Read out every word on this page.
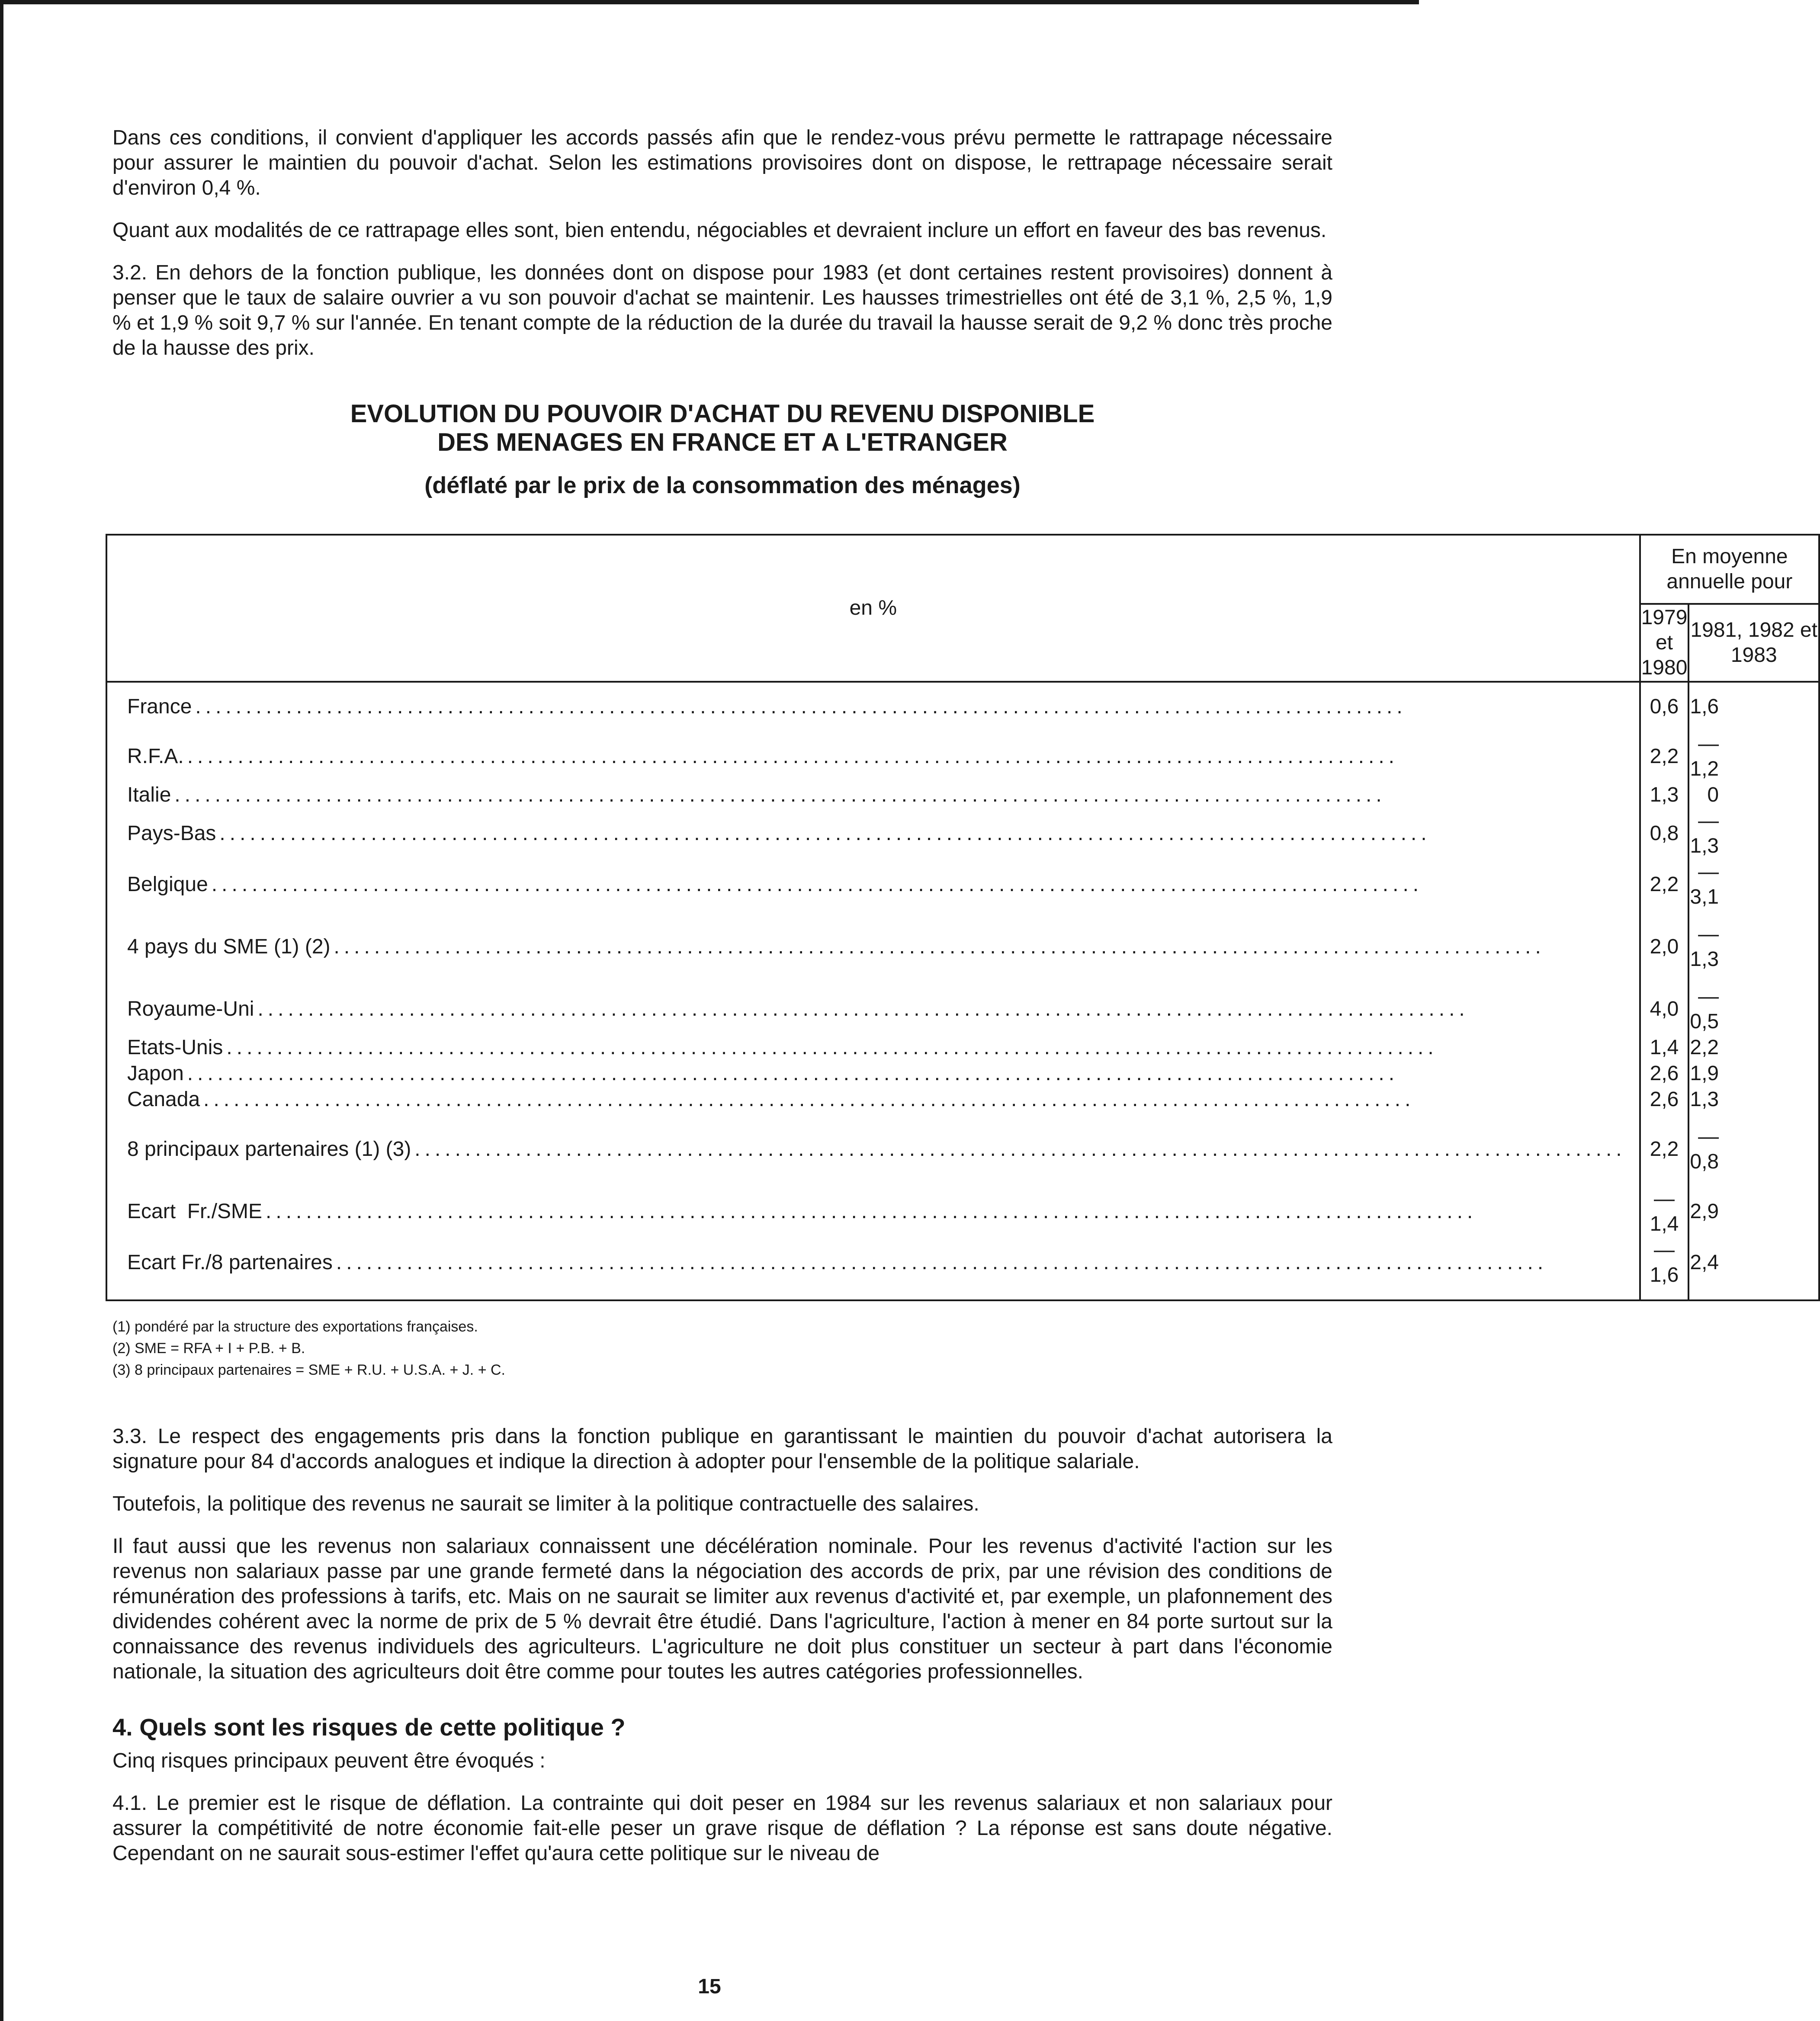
Dans ces conditions, il convient d'appliquer les accords passés afin que le rendez-vous prévu permette le rattrapage nécessaire pour assurer le maintien du pouvoir d'achat. Selon les estimations provisoires dont on dispose, le rettrapage nécessaire serait d'environ 0,4 %.

Quant aux modalités de ce rattrapage elles sont, bien entendu, négociables et devraient inclure un effort en faveur des bas revenus.

3.2. En dehors de la fonction publique, les données dont on dispose pour 1983 (et dont certaines restent provisoires) donnent à penser que le taux de salaire ouvrier a vu son pouvoir d'achat se maintenir. Les hausses trimestrielles ont été de 3,1 %, 2,5 %, 1,9 % et 1,9 % soit 9,7 % sur l'année. En tenant compte de la réduction de la durée du travail la hausse serait de 9,2 % donc très proche de la hausse des prix.

EVOLUTION DU POUVOIR D'ACHAT DU REVENU DISPONIBLE
DES MENAGES EN FRANCE ET A L'ETRANGER
(déflaté par le prix de la consommation des ménages)
en %	En moyenne annuelle pour	
	1979 et 1980	1981, 1982 et 1983

France ........................................................................................................................	0,6	1,6

R.F.A. ........................................................................................................................	2,2	— 1,2

Italie ........................................................................................................................	1,3	0

Pays-Bas ........................................................................................................................	0,8	— 1,3

Belgique ........................................................................................................................	2,2	— 3,1

4 pays du SME (1) (2) ........................................................................................................................	2,0	— 1,3

Royaume-Uni ........................................................................................................................	4,0	— 0,5

Etats-Unis ........................................................................................................................	1,4	2,2

Japon ........................................................................................................................	2,6	1,9

Canada ........................................................................................................................	2,6	1,3

8 principaux partenaires (1) (3) ........................................................................................................................	2,2	— 0,8

Ecart  Fr./SME ........................................................................................................................	— 1,4	2,9

Ecart Fr./8 partenaires ........................................................................................................................	— 1,6	2,4

(1) pondéré par la structure des exportations françaises.
(2) SME = RFA + I + P.B. + B.
(3) 8 principaux partenaires = SME + R.U. + U.S.A. + J. + C.

3.3. Le respect des engagements pris dans la fonction publique en garantissant le maintien du pouvoir d'achat autorisera la signature pour 84 d'accords analogues et indique la direction à adopter pour l'ensemble de la politique salariale.

Toutefois, la politique des revenus ne saurait se limiter à la politique contractuelle des salaires.

Il faut aussi que les revenus non salariaux connaissent une décélération nominale. Pour les revenus d'activité l'action sur les revenus non salariaux passe par une grande fermeté dans la négociation des accords de prix, par une révision des conditions de rémunération des professions à tarifs, etc. Mais on ne saurait se limiter aux revenus d'activité et, par exemple, un plafonnement des dividendes cohérent avec la norme de prix de 5 % devrait être étudié. Dans l'agriculture, l'action à mener en 84 porte surtout sur la connaissance des revenus individuels des agriculteurs. L'agriculture ne doit plus constituer un secteur à part dans l'économie nationale, la situation des agriculteurs doit être comme pour toutes les autres catégories professionnelles.

4. Quels sont les risques de cette politique ?

Cinq risques principaux peuvent être évoqués :

4.1. Le premier est le risque de déflation. La contrainte qui doit peser en 1984 sur les revenus salariaux et non salariaux pour assurer la compétitivité de notre économie fait-elle peser un grave risque de déflation ? La réponse est sans doute négative. Cependant on ne saurait sous-estimer l'effet qu'aura cette politique sur le niveau de

15
